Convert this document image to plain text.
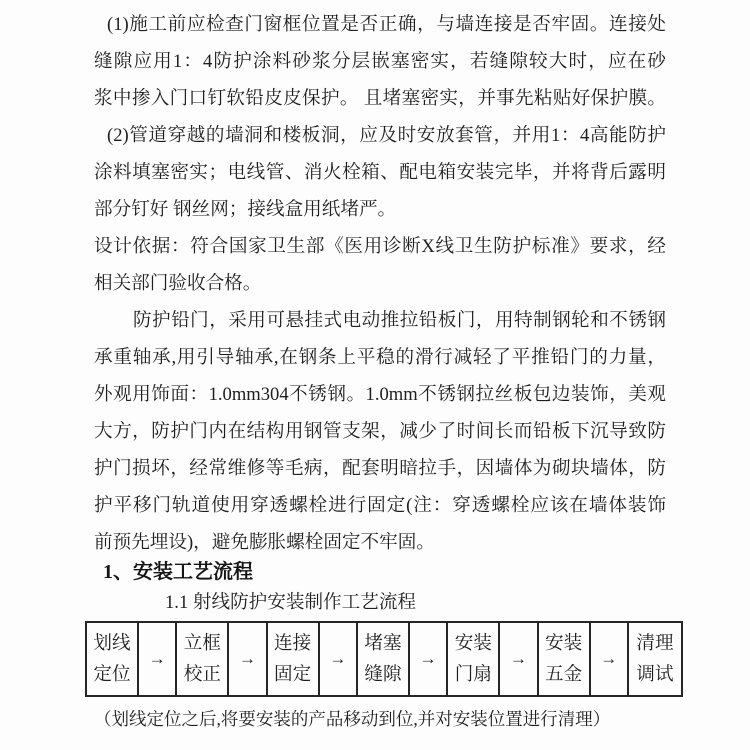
(1)施工前应检查门窗框位置是否正确，与墙连接是否牢固。连接处
缝隙应用1：4防护涂料砂浆分层嵌塞密实，若缝隙较大时，应在砂
浆中掺入门口钉软铅皮皮保护。 且堵塞密实，并事先粘贴好保护膜。
(2)管道穿越的墙洞和楼板洞，应及时安放套管，并用1：4高能防护
涂料填塞密实；电线管、消火栓箱、配电箱安装完毕，并将背后露明
部分钉好 钢丝网；接线盒用纸堵严。
设计依据：符合国家卫生部《医用诊断X线卫生防护标准》要求，经
相关部门验收合格。
防护铅门，采用可悬挂式电动推拉铅板门，用特制钢轮和不锈钢
承重轴承,用引导轴承,在钢条上平稳的滑行减轻了平推铅门的力量，
外观用饰面：1.0mm304不锈钢。1.0mm不锈钢拉丝板包边装饰，美观
大方，防护门内在结构用钢管支架，减少了时间长而铅板下沉导致防
护门损坏，经常维修等毛病，配套明暗拉手，因墙体为砌块墙体，防
护平移门轨道使用穿透螺栓进行固定(注：穿透螺栓应该在墙体装饰
前预先埋设)，避免膨胀螺栓固定不牢固。
1、安装工艺流程
1.1 射线防护安装制作工艺流程
划线
定位
→
立框
校正
→
连接
固定
→
堵塞
缝隙
→
安装
门扇
→
安装
五金
→
清理
调试
（划线定位之后,将要安装的产品移动到位,并对安装位置进行清理）
